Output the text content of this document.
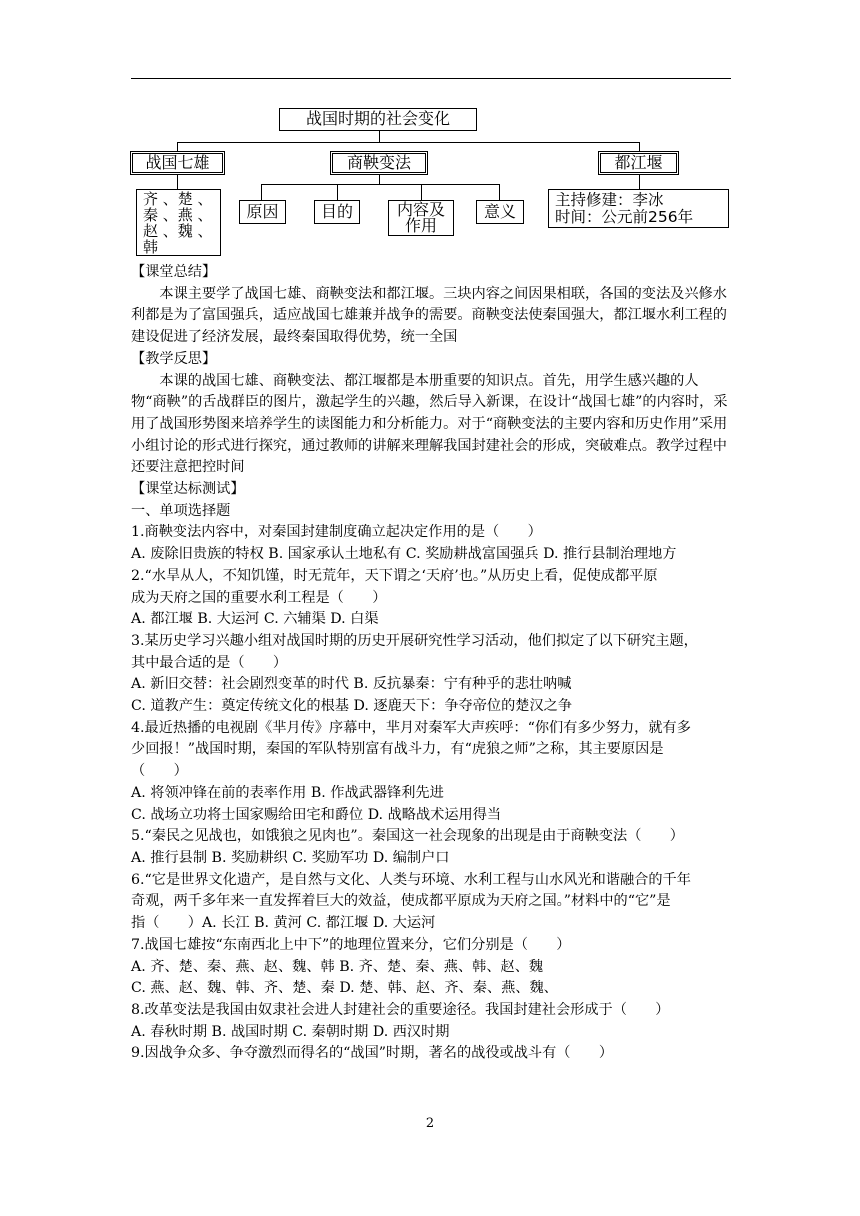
战国时期的社会变化
战国七雄	商鞅变法	都江堰
齐 、楚 、
秦 、燕 、
赵 、魏 、
韩
原因	目的	内容及
作用
意义
主持修建：李冰
时间：公元前256年

【课堂总结】

本课主要学了战国七雄、商鞅变法和都江堰。三块内容之间因果相联，各国的变法及兴修水利都是为了富国强兵，适应战国七雄兼并战争的需要。商鞅变法使秦国强大，都江堰水利工程的建设促进了经济发展，最终秦国取得优势，统一全国

【教学反思】

本课的战国七雄、商鞅变法、都江堰都是本册重要的知识点。首先，用学生感兴趣的人物“商鞅”的舌战群臣的图片，激起学生的兴趣，然后导入新课，在设计“战国七雄”的内容时，采用了战国形势图来培养学生的读图能力和分析能力。对于“商鞅变法的主要内容和历史作用”采用小组讨论的形式进行探究，通过教师的讲解来理解我国封建社会的形成，突破难点。教学过程中还要注意把控时间

【课堂达标测试】

一、单项选择题

1.商鞅变法内容中，对秦国封建制度确立起决定作用的是（　　）

A. 废除旧贵族的特权 B. 国家承认土地私有 C. 奖励耕战富国强兵 D. 推行县制治理地方

2.“水旱从人，不知饥馑，时无荒年，天下谓之‘天府’也。”从历史上看，促使成都平原

成为天府之国的重要水利工程是（　　）

A. 都江堰 B. 大运河 C. 六辅渠 D. 白渠

3.某历史学习兴趣小组对战国时期的历史开展研究性学习活动，他们拟定了以下研究主题，

其中最合适的是（　　）

A. 新旧交替：社会剧烈变革的时代 B. 反抗暴秦：宁有种乎的悲壮呐喊

C. 道教产生：奠定传统文化的根基 D. 逐鹿天下：争夺帝位的楚汉之争

4.最近热播的电视剧《芈月传》序幕中，芈月对秦军大声疾呼：“你们有多少努力，就有多

少回报！”战国时期，秦国的军队特别富有战斗力，有“虎狼之师”之称，其主要原因是

（　　）

A. 将领冲锋在前的表率作用 B. 作战武器锋利先进

C. 战场立功将士国家赐给田宅和爵位 D. 战略战术运用得当

5.“秦民之见战也，如饿狼之见肉也”。秦国这一社会现象的出现是由于商鞅变法（　　）

A. 推行县制 B. 奖励耕织 C. 奖励军功 D. 编制户口

6.“它是世界文化遗产，是自然与文化、人类与环境、水利工程与山水风光和谐融合的千年

奇观，两千多年来一直发挥着巨大的效益，使成都平原成为天府之国。”材料中的“它”是

指（　　）A. 长江 B. 黄河 C. 都江堰 D. 大运河

7.战国七雄按“东南西北上中下”的地理位置来分，它们分别是（　　）

A. 齐、楚、秦、燕、赵、魏、韩 B. 齐、楚、秦、燕、韩、赵、魏

C. 燕、赵、魏、韩、齐、楚、秦 D. 楚、韩、赵、齐、秦、燕、魏、

8.改革变法是我国由奴隶社会进人封建社会的重要途径。我国封建社会形成于（　　）

A. 春秋时期 B. 战国时期 C. 秦朝时期 D. 西汉时期

9.因战争众多、争夺激烈而得名的“战国”时期，著名的战役或战斗有（　　）

2
